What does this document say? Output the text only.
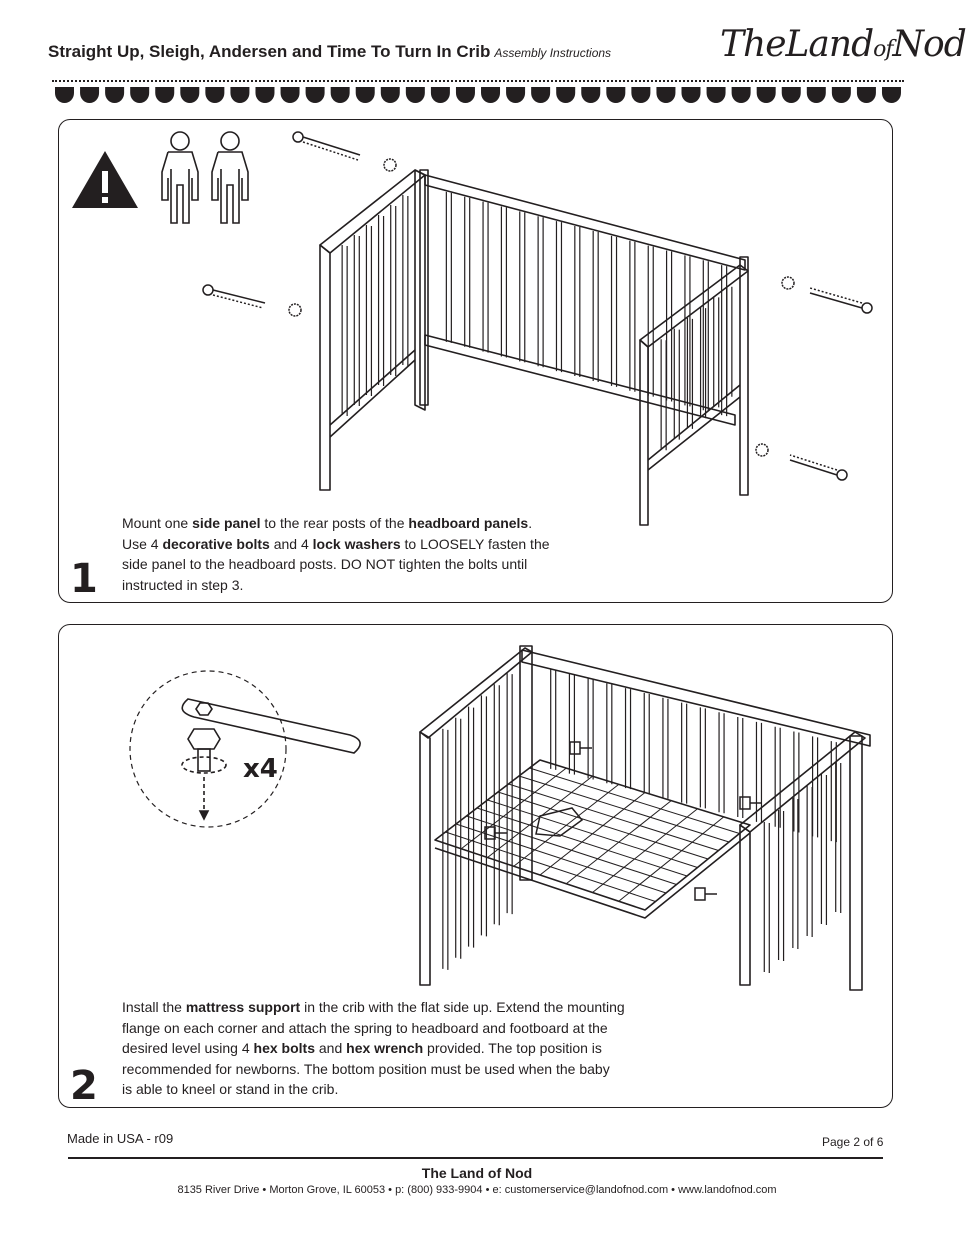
Straight Up, Sleigh, Andersen and Time To Turn In Crib Assembly Instructions	TheLandofNod
1
Mount one side panel to the rear posts of the headboard panels.
Use 4 decorative bolts and 4 lock washers to LOOSELY fasten the
side panel to the headboard posts. DO NOT tighten the bolts until
instructed in step 3.
2
x4
Install the mattress support in the crib with the flat side up. Extend the mounting
flange on each corner and attach the spring to headboard and footboard at the
desired level using 4 hex bolts and hex wrench provided. The top position is
recommended for newborns. The bottom position must be used when the baby
is able to kneel or stand in the crib.
Made in USA - r09	Page 2 of 6
The Land of Nod
8135 River Drive • Morton Grove, IL 60053 • p: (800) 933-9904 • e: customerservice@landofnod.com • www.landofnod.com
